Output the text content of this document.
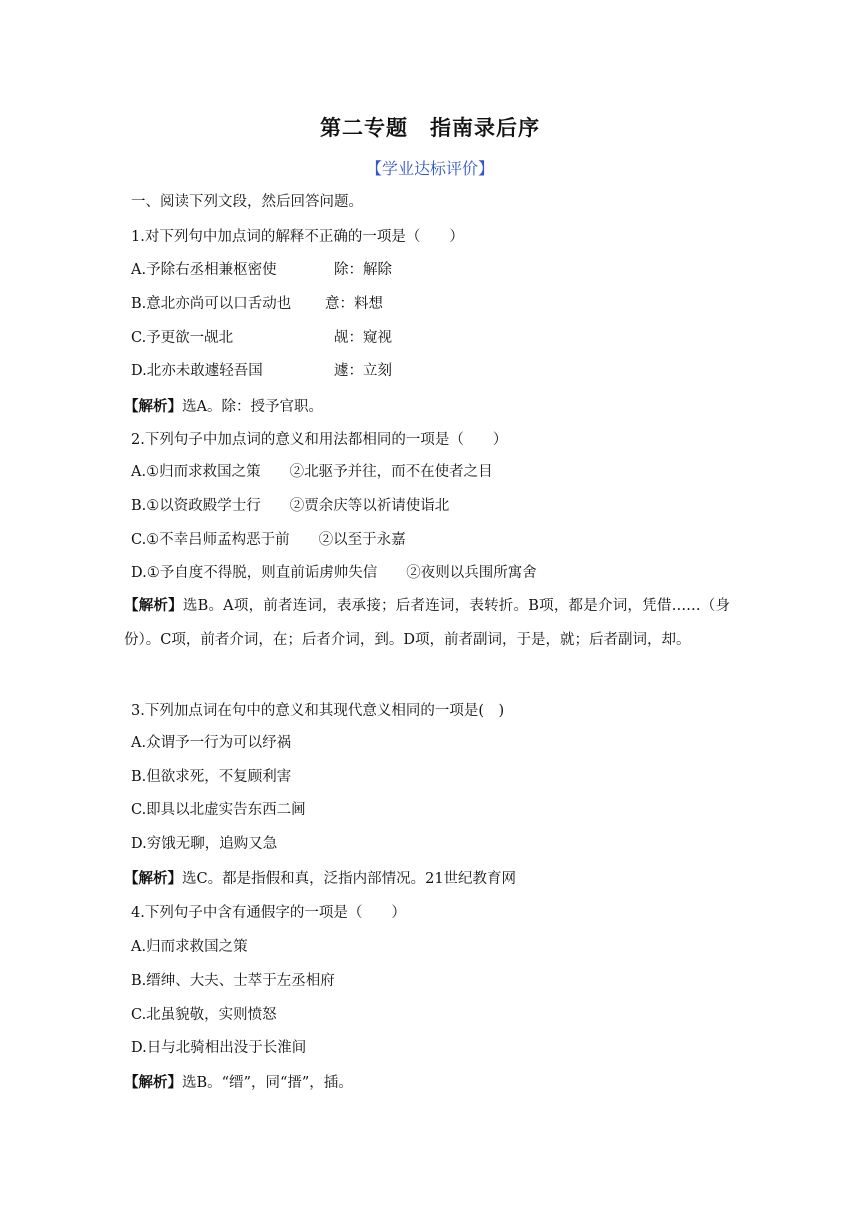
第二专题　指南录后序
【学业达标评价】
一、阅读下列文段，然后回答问题。
1.对下列句中加点词的解释不正确的一项是（　　）
A.予除右丞相兼枢密使	除：解除
B.意北亦尚可以口舌动也 意：料想
C.予更欲一觇北	觇：窥视
D.北亦未敢遽轻吾国	遽：立刻
【解析】选A。除：授予官职。
2.下列句子中加点词的意义和用法都相同的一项是（　　）
A.①归而求救国之策　　②北驱予并往，而不在使者之目
B.①以资政殿学士行　　②贾余庆等以祈请使诣北
C.①不幸吕师孟构恶于前　　②以至于永嘉
D.①予自度不得脱，则直前诟虏帅失信　　②夜则以兵围所寓舍
【解析】选B。A项，前者连词，表承接；后者连词，表转折。B项，都是介词，凭借……（身份）。C项，前者介词，在；后者介词，到。D项，前者副词，于是，就；后者副词，却。
3.下列加点词在句中的意义和其现代意义相同的一项是(　)
A.众谓予一行为可以纾祸
B.但欲求死，不复顾利害
C.即具以北虚实告东西二阃
D.穷饿无聊，追购又急
【解析】选C。都是指假和真，泛指内部情况。21世纪教育网
4.下列句子中含有通假字的一项是（　　）
A.归而求救国之策
B.缙绅、大夫、士萃于左丞相府
C.北虽貌敬，实则愤怒
D.日与北骑相出没于长淮间
【解析】选B。“缙”，同“搢”，插。
